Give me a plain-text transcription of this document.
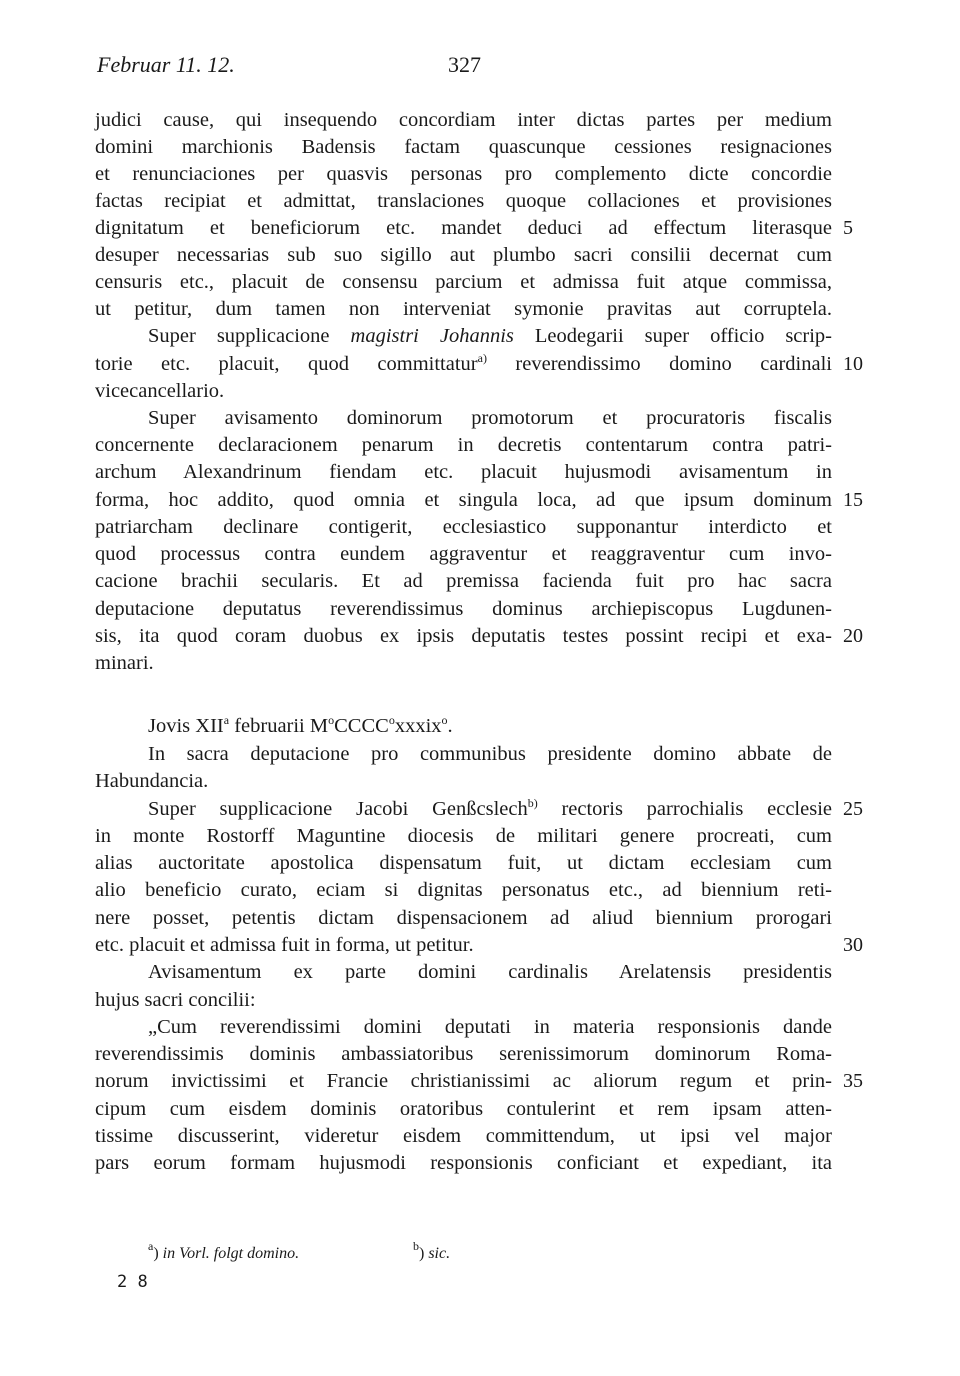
Februar 11. 12.	327
judici cause, qui insequendo concordiam inter dictas partes per medium
domini marchionis Badensis factam quascunque cessiones resignaciones
et renunciaciones per quasvis personas pro complemento dicte concordie
factas recipiat et admittat, translaciones quoque collaciones et provisiones
dignitatum et beneficiorum etc. mandet deduci ad effectum literasque
desuper necessarias sub suo sigillo aut plumbo sacri consilii decernat cum
censuris etc., placuit de consensu parcium et admissa fuit atque commissa,
ut petitur, dum tamen non interveniat symonie pravitas aut corruptela.
Super supplicacione magistri Johannis Leodegarii super officio scrip-
torie etc. placuit, quod committatur$^{a)}$ reverendissimo domino cardinali
vicecancellario.
Super avisamento dominorum promotorum et procuratoris fiscalis
concernente declaracionem penarum in decretis contentarum contra patri-
archum Alexandrinum fiendam etc. placuit hujusmodi avisamentum in
forma, hoc addito, quod omnia et singula loca, ad que ipsum dominum
patriarcham declinare contigerit, ecclesiastico supponantur interdicto et
quod processus contra eundem aggraventur et reaggraventur cum invo-
cacione brachii secularis. Et ad premissa facienda fuit pro hac sacra
deputacione deputatus reverendissimus dominus archiepiscopus Lugdunen-
sis, ita quod coram duobus ex ipsis deputatis testes possint recipi et exa-
minari.
Jovis XII$^a$ februarii $M^oCCCC^oxxxix^o$.
In sacra deputacione pro communibus presidente domino abbate de
Habundancia.
Super supplicacione Jacobi Genßcslech$^{b)}$ rectoris parrochialis ecclesie
in monte Rostorff Maguntine diocesis de militari genere procreati, cum
alias auctoritate apostolica dispensatum fuit, ut dictam ecclesiam cum
alio beneficio curato, eciam si dignitas personatus etc., ad biennium reti-
nere posset, petentis dictam dispensacionem ad aliud biennium prorogari
etc. placuit et admissa fuit in forma, ut petitur.
Avisamentum ex parte domini cardinalis Arelatensis presidentis
hujus sacri concilii:
„Cum reverendissimi domini deputati in materia responsionis dande
reverendissimis dominis ambassiatoribus serenissimorum dominorum Roma-
norum invictissimi et Francie christianissimi ac aliorum regum et prin-
cipum cum eisdem dominis oratoribus contulerint et rem ipsam atten-
tissime discusserint, videretur eisdem committendum, ut ipsi vel major
pars eorum formam hujusmodi responsionis conficiant et expediant, ita
5
10
15
20
25
30
35
$^a$) in Vorl. folgt domino.	$^b$) sic.
2 8
